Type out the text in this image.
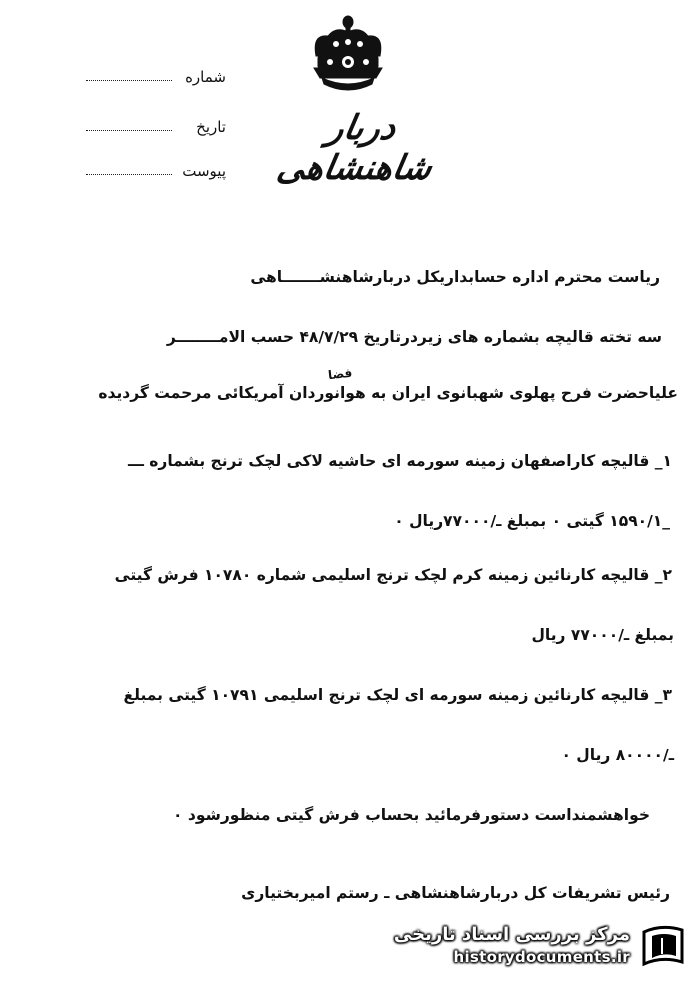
دربار شاهنشاهی
شماره
تاریخ
پیوست
ریاست محترم اداره حسابداریکل دربارشاهنشـــــــاهی
سه تخته قالیچه بشماره های زیردرتاریخ ۴۸/۷/۲۹ حسب الامــــــــر
فضا
علیاحضرت فرح پهلوی شهبانوی ایران به هوانوردان آمریکائی مرحمت گردیده
۱_ قالیچه کاراصفهان زمینه سورمه ای حاشیه لاکی لچک ترنج بشماره ـــ
_۱۵۹۰/۱ گیتی ۰ بمبلغ ـ/۷۷۰۰۰ریال ۰
۲_ قالیچه کارنائین زمینه کرم لچک ترنج اسلیمی شماره ۱۰۷۸۰ فرش گیتی
بمبلغ ـ/۷۷۰۰۰ ریال
۳_ قالیچه کارنائین زمینه سورمه ای لچک ترنج اسلیمی ۱۰۷۹۱ گیتی بمبلغ
ـ/۸۰۰۰۰ ریال ۰
خواهشمنداست دستورفرمائید بحساب فرش گیتی منظورشود ۰
رئیس تشریفات کل دربارشاهنشاهی ـ رستم امیربختیاری
مرکز بررسی اسناد تاریخی
historydocuments.ir
